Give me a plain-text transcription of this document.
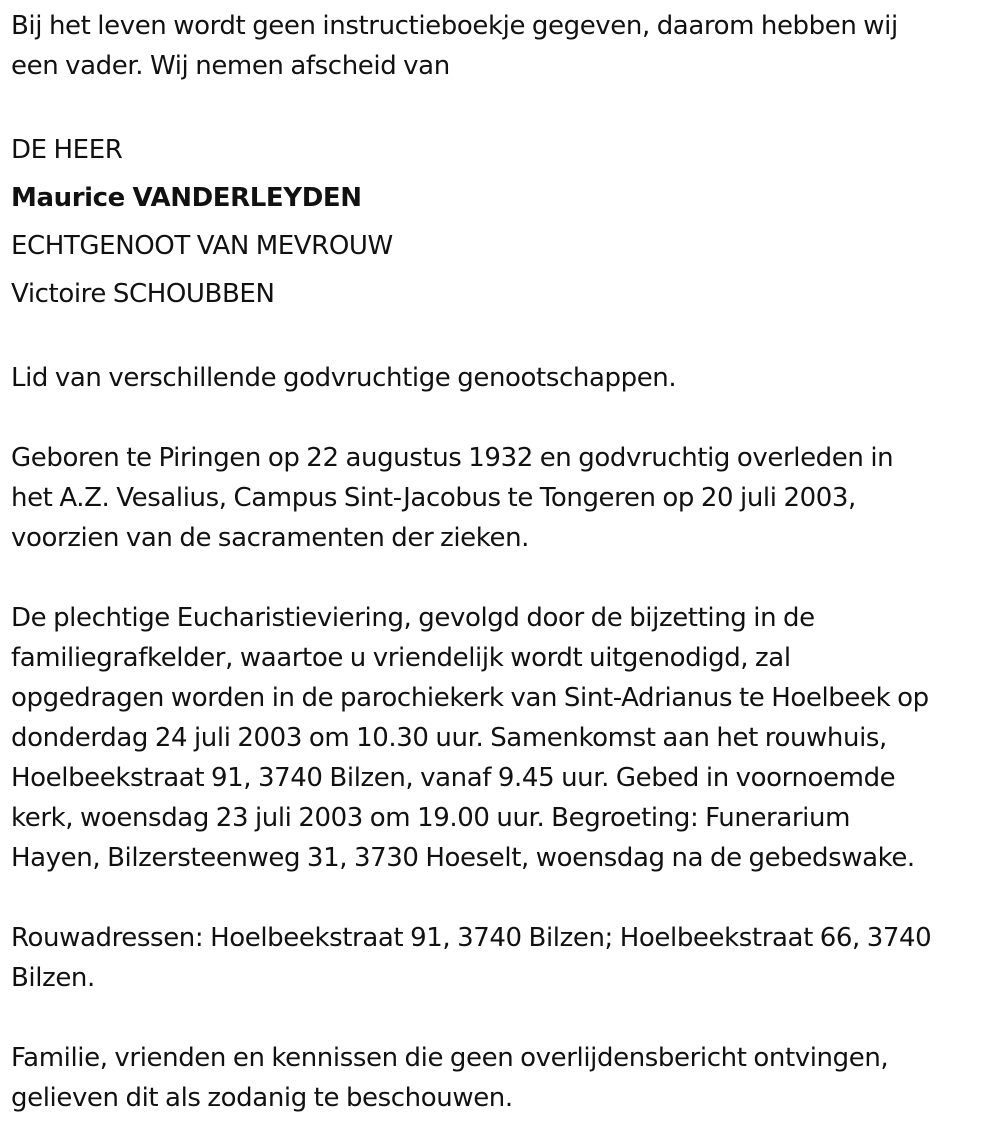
Bij het leven wordt geen instructieboekje gegeven, daarom hebben wij
een vader. Wij nemen afscheid van

DE HEER

Maurice VANDERLEYDEN

ECHTGENOOT VAN MEVROUW

Victoire SCHOUBBEN

Lid van verschillende godvruchtige genootschappen.

Geboren te Piringen op 22 augustus 1932 en godvruchtig overleden in
het A.Z. Vesalius, Campus Sint-Jacobus te Tongeren op 20 juli 2003,
voorzien van de sacramenten der zieken.

De plechtige Eucharistieviering, gevolgd door de bijzetting in de
familiegrafkelder, waartoe u vriendelijk wordt uitgenodigd, zal
opgedragen worden in de parochiekerk van Sint-Adrianus te Hoelbeek op
donderdag 24 juli 2003 om 10.30 uur. Samenkomst aan het rouwhuis,
Hoelbeekstraat 91, 3740 Bilzen, vanaf 9.45 uur. Gebed in voornoemde
kerk, woensdag 23 juli 2003 om 19.00 uur. Begroeting: Funerarium
Hayen, Bilzersteenweg 31, 3730 Hoeselt, woensdag na de gebedswake.

Rouwadressen: Hoelbeekstraat 91, 3740 Bilzen; Hoelbeekstraat 66, 3740
Bilzen.

Familie, vrienden en kennissen die geen overlijdensbericht ontvingen,
gelieven dit als zodanig te beschouwen.
